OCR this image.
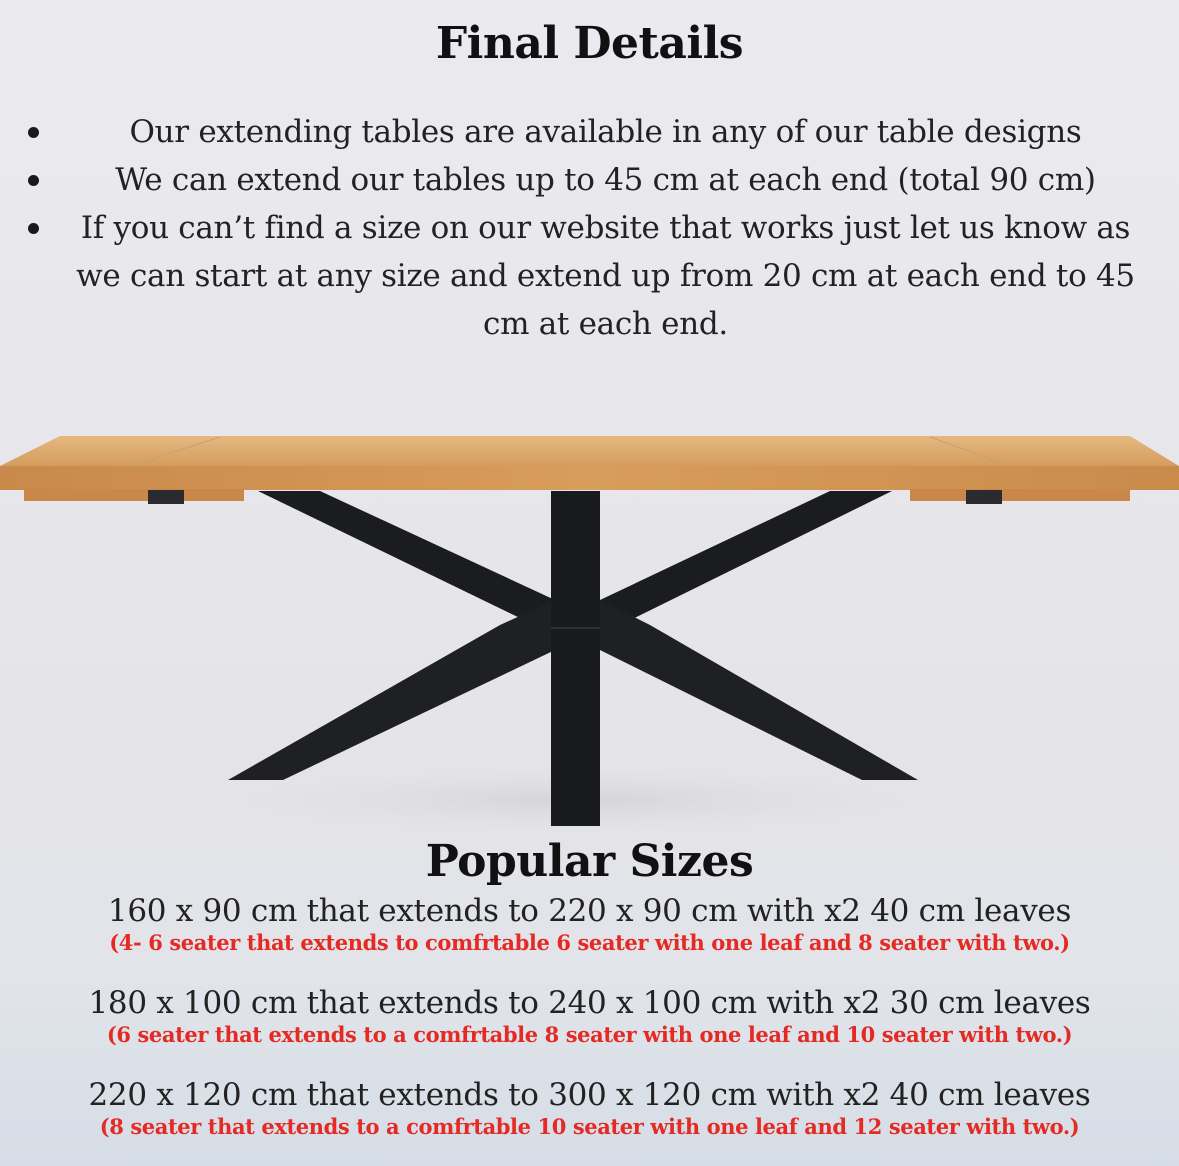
Final Details
Our extending tables are available in any of our table designs
We can extend our tables up to 45 cm at each end (total 90 cm)
If you can’t find a size on our website that works just let us know as we can start at any size and extend up from 20 cm at each end to 45 cm at each end.
Popular Sizes
160 x 90 cm that extends to 220 x 90 cm with x2 40 cm leaves
(4- 6 seater that extends to comfrtable 6 seater with one leaf and 8 seater with two.)
180 x 100 cm that extends to 240 x 100 cm with x2 30 cm leaves
(6 seater that extends to a comfrtable 8 seater with one leaf and 10 seater with two.)
220 x 120 cm that extends to 300 x 120 cm with x2 40 cm leaves
(8 seater that extends to a comfrtable 10 seater with one leaf and 12 seater with two.)
